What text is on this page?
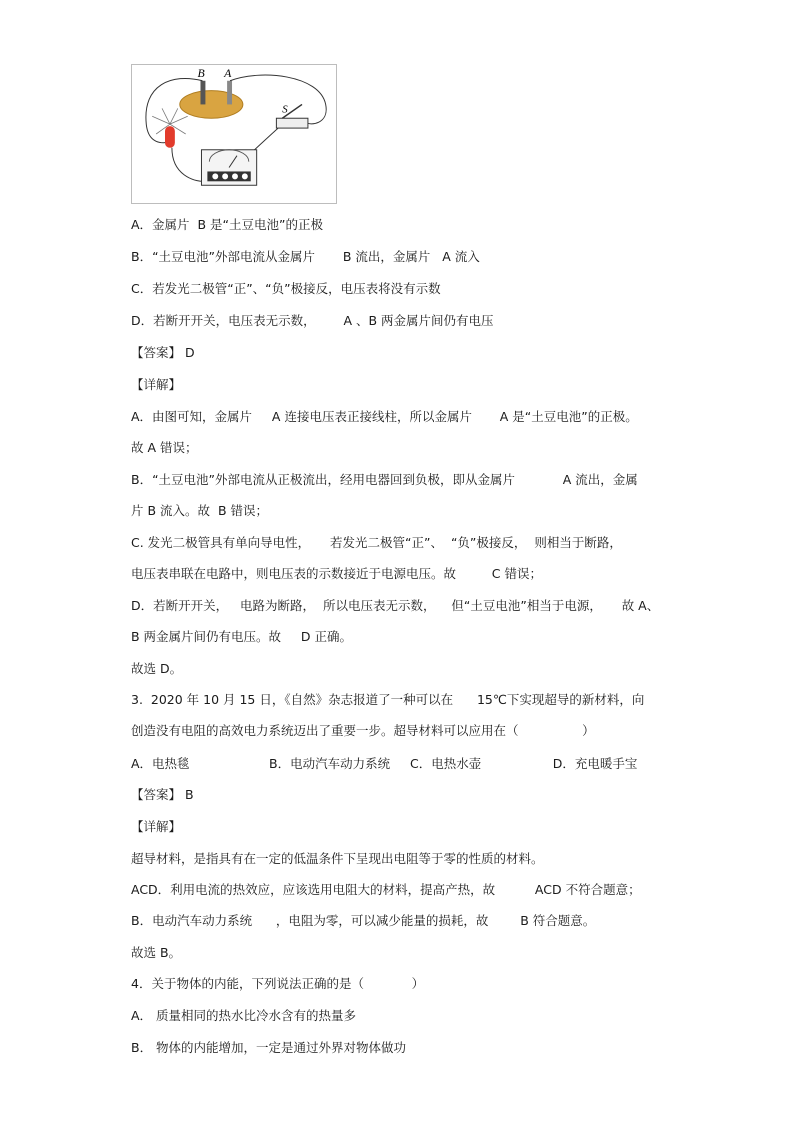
B A
S
A．金属片  B 是“土豆电池”的正极
B．“土豆电池”外部电流从金属片       B 流出，金属片   A 流入
C．若发光二极管“正”、“负”极接反，电压表将没有示数
D．若断开开关，电压表无示数，       A 、B 两金属片间仍有电压
【答案】 D
【详解】
A．由图可知，金属片     A 连接电压表正接线柱，所以金属片       A 是“土豆电池”的正极。
故 A 错误；
B．“土豆电池”外部电流从正极流出，经用电器回到负极，即从金属片            A 流出，金属
片 B 流入。故  B 错误；
C. 发光二极管具有单向导电性，     若发光二极管“正”、  “负”极接反，  则相当于断路，
电压表串联在电路中，则电压表的示数接近于电源电压。故         C 错误；
D．若断开开关，   电路为断路，  所以电压表无示数，    但“土豆电池”相当于电源，     故 A、
B 两金属片间仍有电压。故     D 正确。
故选 D。
3.  2020 年 10 月 15 日，《自然》杂志报道了一种可以在      15℃下实现超导的新材料，向
创造没有电阻的高效电力系统迈出了重要一步。超导材料可以应用在（                ）
A．电热毯                    B．电动汽车动力系统     C．电热水壶                  D．充电暖手宝
【答案】 B
【详解】
超导材料，是指具有在一定的低温条件下呈现出电阻等于零的性质的材料。
ACD．利用电流的热效应，应该选用电阻大的材料，提高产热，故          ACD 不符合题意；
B．电动汽车动力系统      ，电阻为零，可以减少能量的损耗，故        B 符合题意。
故选 B。
4．关于物体的内能，下列说法正确的是（            ）
A． 质量相同的热水比冷水含有的热量多
B． 物体的内能增加，一定是通过外界对物体做功
